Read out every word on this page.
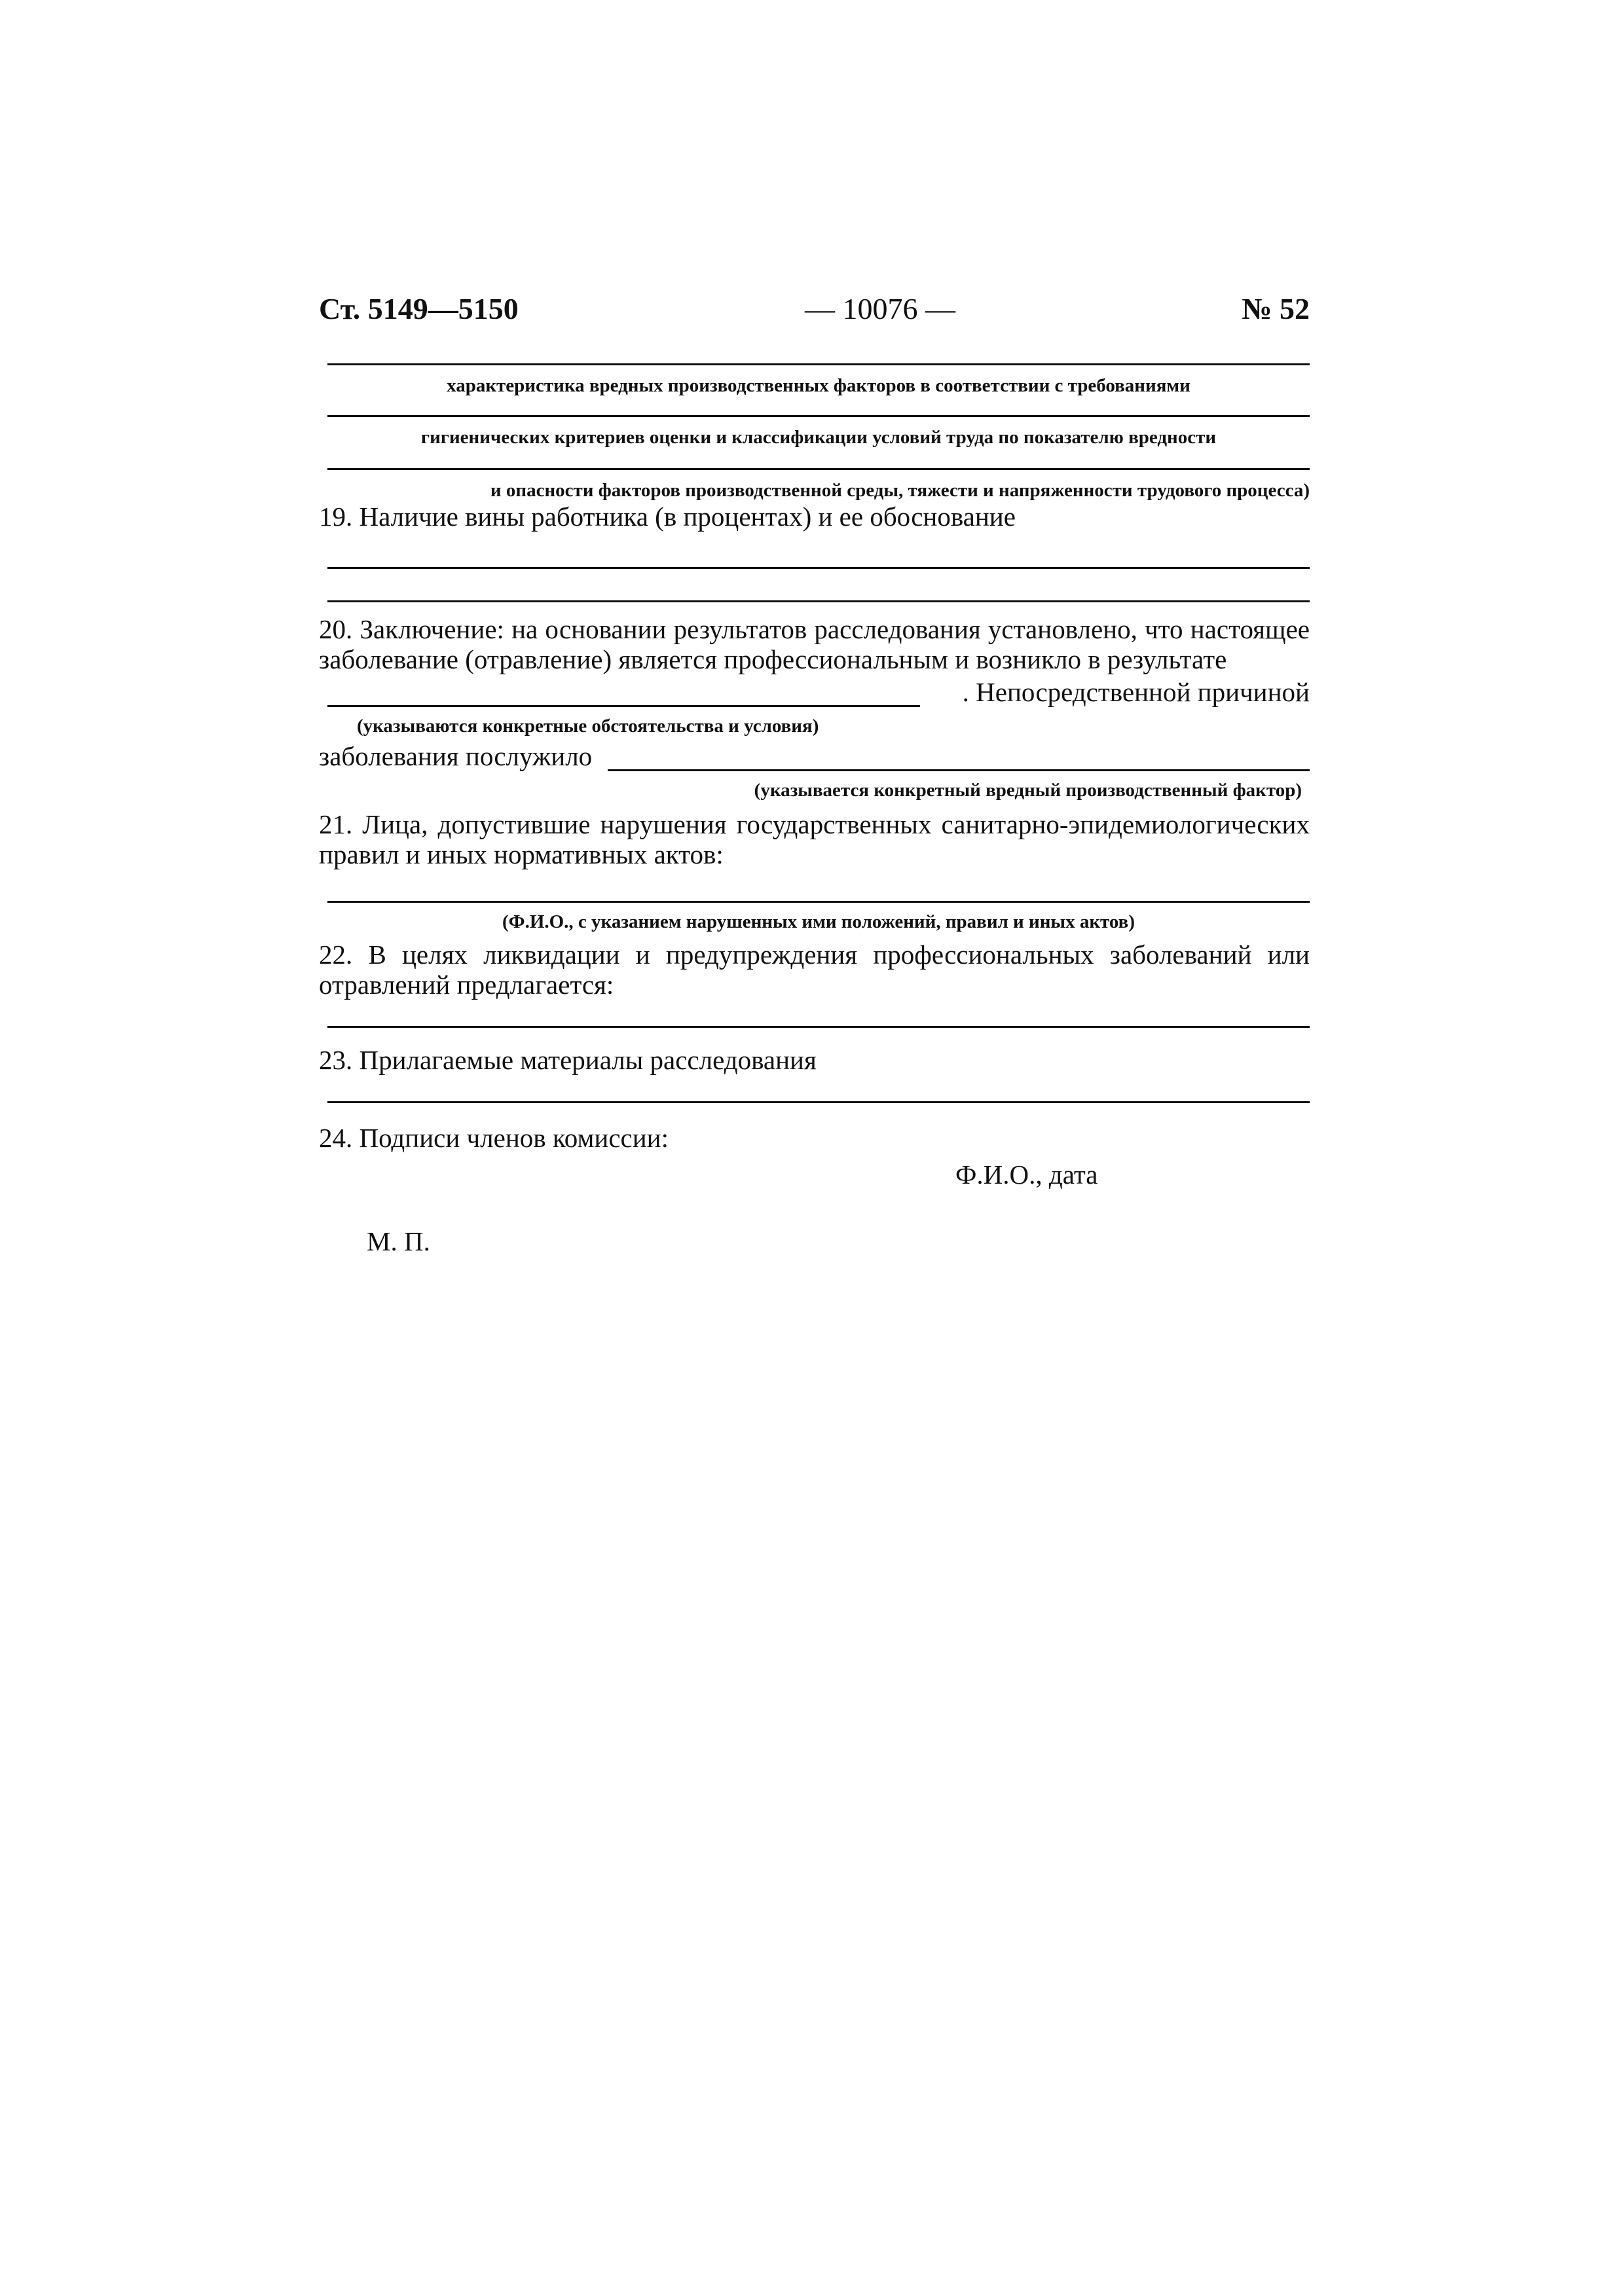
Ст. 5149—5150	— 10076 —	№ 52
характеристика вредных производственных факторов в соответствии с требованиями
гигиенических критериев оценки и классификации условий труда по показателю вредности
и опасности факторов производственной среды, тяжести и напряженности трудового процесса)
19. Наличие вины работника (в процентах) и ее обоснование
20. Заключение: на основании результатов расследования установлено, что настоящее заболевание (отравление) является профессиональным и возникло в результате
. Непосредственной причиной
(указываются конкретные обстоятельства и условия)
заболевания послужило
(указывается конкретный вредный производственный фактор)
21. Лица, допустившие нарушения государственных санитарно-эпидемиологических правил и иных нормативных актов:
(Ф.И.О., с указанием нарушенных ими положений, правил и иных актов)
22. В целях ликвидации и предупреждения профессиональных заболеваний или отравлений предлагается:
23. Прилагаемые материалы расследования
24. Подписи членов комиссии:
Ф.И.О., дата
М. П.
